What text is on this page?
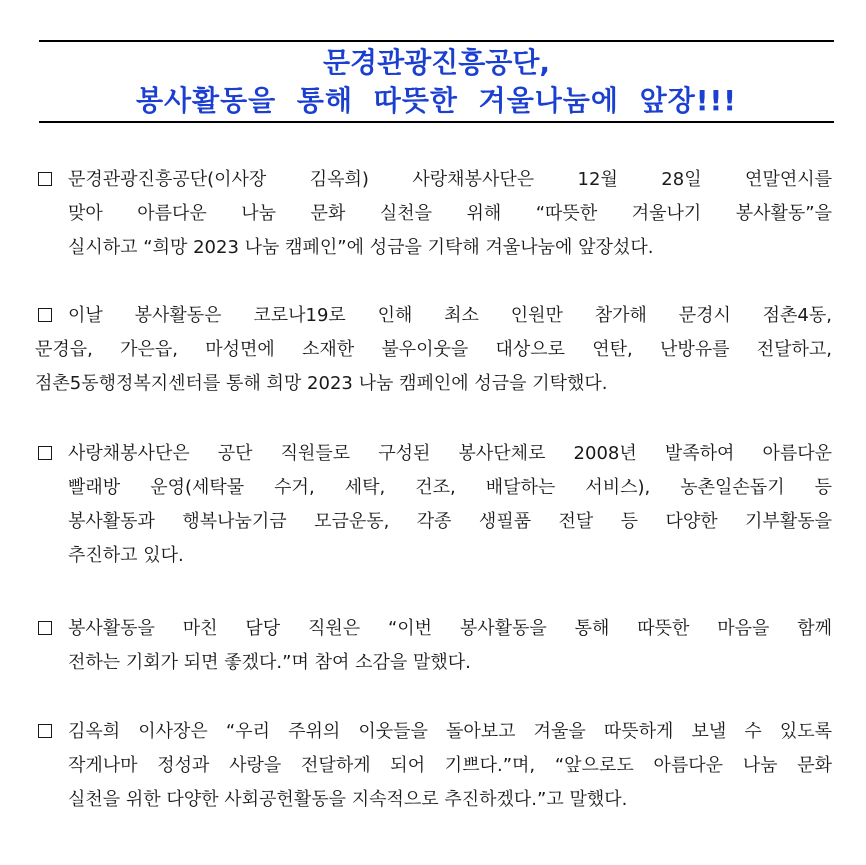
문경관광진흥공단,
봉사활동을 통해 따뜻한 겨울나눔에 앞장!!!
문경관광진흥공단(이사장 김옥희) 사랑채봉사단은 12월 28일 연말연시를
맞아 아름다운 나눔 문화 실천을 위해 “따뜻한 겨울나기 봉사활동”을
실시하고 “희망 2023 나눔 캠페인”에 성금을 기탁해 겨울나눔에 앞장섰다.
이날 봉사활동은 코로나19로 인해 최소 인원만 참가해 문경시 점촌4동,
문경읍, 가은읍, 마성면에 소재한 불우이웃을 대상으로 연탄, 난방유를 전달하고,
점촌5동행정복지센터를 통해 희망 2023 나눔 캠페인에 성금을 기탁했다.
사랑채봉사단은 공단 직원들로 구성된 봉사단체로 2008년 발족하여 아름다운
빨래방 운영(세탁물 수거, 세탁, 건조, 배달하는 서비스), 농촌일손돕기 등
봉사활동과 행복나눔기금 모금운동, 각종 생필품 전달 등 다양한 기부활동을
추진하고 있다.
봉사활동을 마친 담당 직원은 “이번 봉사활동을 통해 따뜻한 마음을 함께
전하는 기회가 되면 좋겠다.”며 참여 소감을 말했다.
김옥희 이사장은 “우리 주위의 이웃들을 돌아보고 겨울을 따뜻하게 보낼 수 있도록
작게나마 정성과 사랑을 전달하게 되어 기쁘다.”며, “앞으로도 아름다운 나눔 문화
실천을 위한 다양한 사회공헌활동을 지속적으로 추진하겠다.”고 말했다.
